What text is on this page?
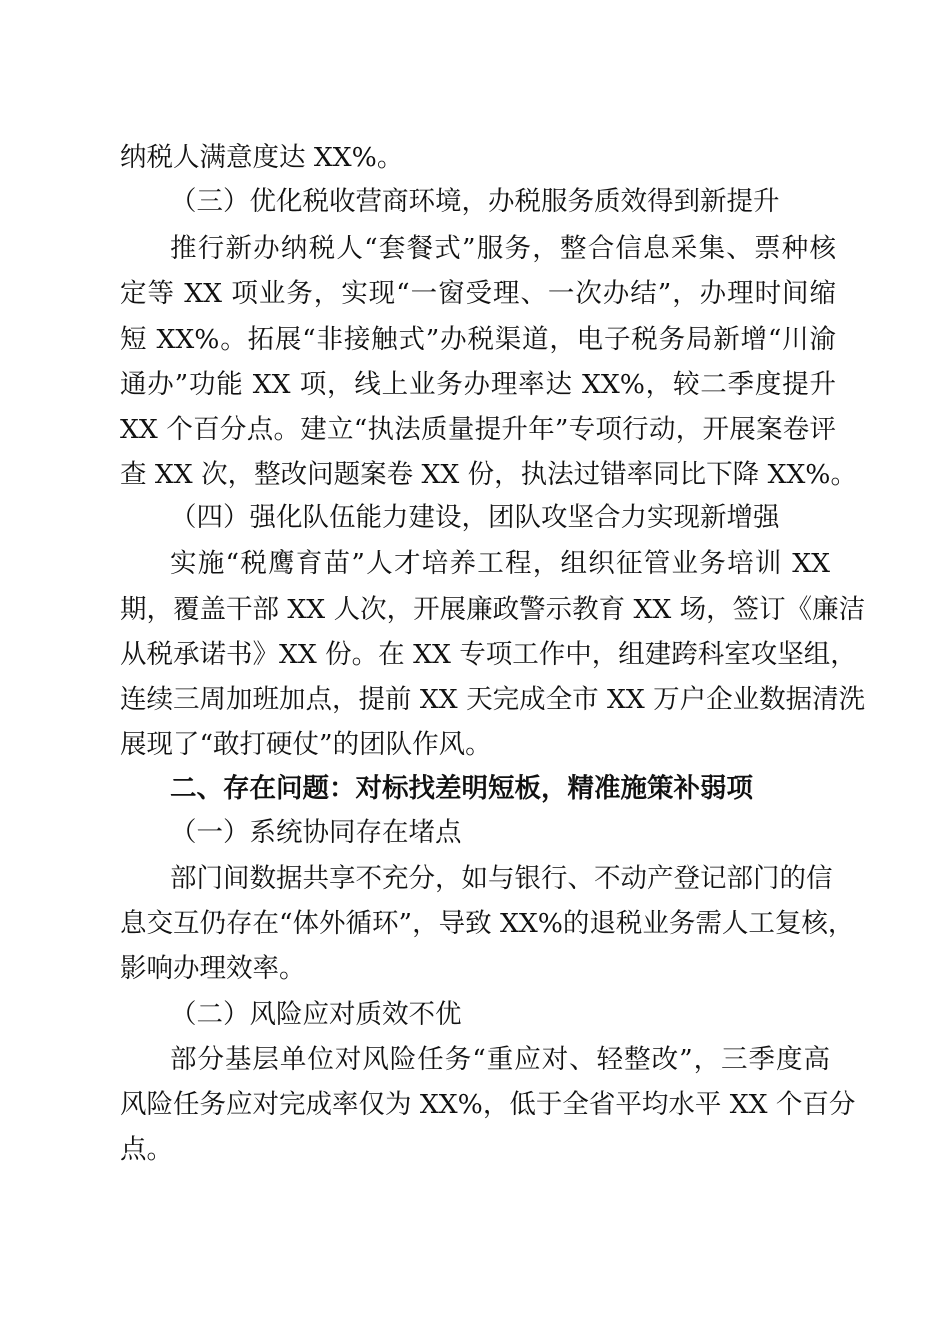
纳税人满意度达 XX%。
（三）优化税收营商环境，办税服务质效得到新提升
推行新办纳税人“套餐式”服务，整合信息采集、票种核
定等 XX 项业务，实现“一窗受理、一次办结”，办理时间缩
短 XX%。拓展“非接触式”办税渠道，电子税务局新增“川渝
通办”功能 XX 项，线上业务办理率达 XX%，较二季度提升
XX 个百分点。建立“执法质量提升年”专项行动，开展案卷评
查 XX 次，整改问题案卷 XX 份，执法过错率同比下降 XX%。
（四）强化队伍能力建设，团队攻坚合力实现新增强
实施“税鹰育苗”人才培养工程，组织征管业务培训 XX
期，覆盖干部 XX 人次，开展廉政警示教育 XX 场，签订《廉洁
从税承诺书》XX 份。在 XX 专项工作中，组建跨科室攻坚组，
连续三周加班加点，提前 XX 天完成全市 XX 万户企业数据清洗
展现了“敢打硬仗”的团队作风。
二、存在问题：对标找差明短板，精准施策补弱项
（一）系统协同存在堵点
部门间数据共享不充分，如与银行、不动产登记部门的信
息交互仍存在“体外循环”，导致 XX%的退税业务需人工复核，
影响办理效率。
（二）风险应对质效不优
部分基层单位对风险任务“重应对、轻整改”，三季度高
风险任务应对完成率仅为 XX%，低于全省平均水平 XX 个百分
点。
